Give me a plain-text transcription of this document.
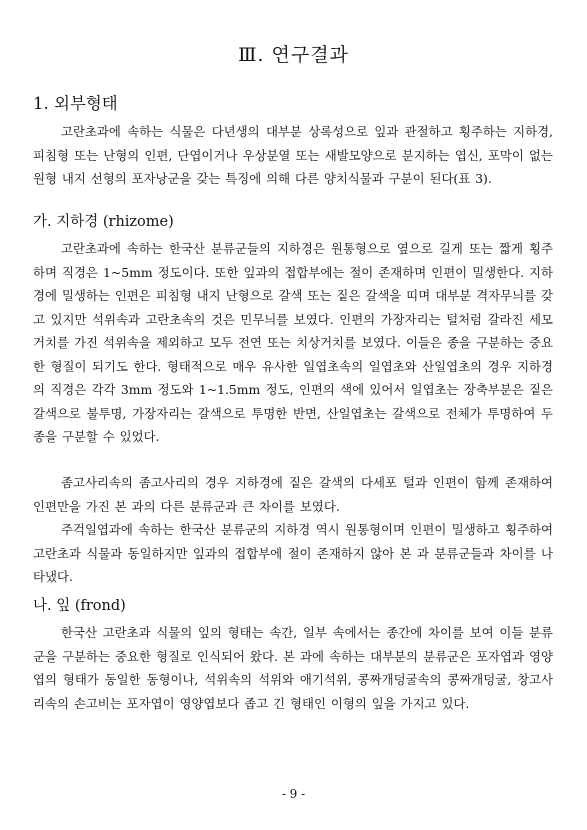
Ⅲ. 연구결과
1. 외부형태

고란초과에 속하는 식물은 다년생의 대부분 상록성으로 잎과 관절하고 횡주하는 지하경, 피침형 또는 난형의 인편, 단엽이거나 우상분열 또는 새발모양으로 분지하는 엽신, 포막이 없는 원형 내지 선형의 포자낭군을 갖는 특징에 의해 다른 양치식물과 구분이 된다(표 3).

가. 지하경 (rhizome)

고란초과에 속하는 한국산 분류군들의 지하경은 원통형으로 옆으로 길게 또는 짧게 횡주하며 직경은 1~5mm 정도이다. 또한 잎과의 접합부에는 절이 존재하며 인편이 밀생한다. 지하경에 밀생하는 인편은 피침형 내지 난형으로 갈색 또는 짙은 갈색을 띠며 대부분 격자무늬를 갖고 있지만 석위속과 고란초속의 것은 민무늬를 보였다. 인편의 가장자리는 털처럼 갈라진 세모거치를 가진 석위속을 제외하고 모두 전연 또는 치상거치를 보였다. 이들은 종을 구분하는 중요한 형질이 되기도 한다. 형태적으로 매우 유사한 일엽초속의 일엽초와 산일엽초의 경우 지하경의 직경은 각각 3mm 정도와 1~1.5mm 정도, 인편의 색에 있어서 일엽초는 장축부분은 짙은 갈색으로 불투명, 가장자리는 갈색으로 투명한 반면, 산일엽초는 갈색으로 전체가 투명하여 두 종을 구분할 수 있었다.

좀고사리속의 좀고사리의 경우 지하경에 짙은 갈색의 다세포 털과 인편이 함께 존재하여 인편만을 가진 본 과의 다른 분류군과 큰 차이를 보였다.

주걱일엽과에 속하는 한국산 분류군의 지하경 역시 원통형이며 인편이 밀생하고 횡주하여 고란초과 식물과 동일하지만 잎과의 접합부에 절이 존재하지 않아 본 과 분류군들과 차이를 나타냈다.

나. 잎 (frond)

한국산 고란초과 식물의 잎의 형태는 속간, 일부 속에서는 종간에 차이를 보여 이들 분류군을 구분하는 중요한 형질로 인식되어 왔다. 본 과에 속하는 대부분의 분류군은 포자엽과 영양엽의 형태가 동일한 동형이나, 석위속의 석위와 애기석위, 콩짜개덩굴속의 콩짜개덩굴, 창고사리속의 손고비는 포자엽이 영양엽보다 좁고 긴 형태인 이형의 잎을 가지고 있다.

- 9 -
